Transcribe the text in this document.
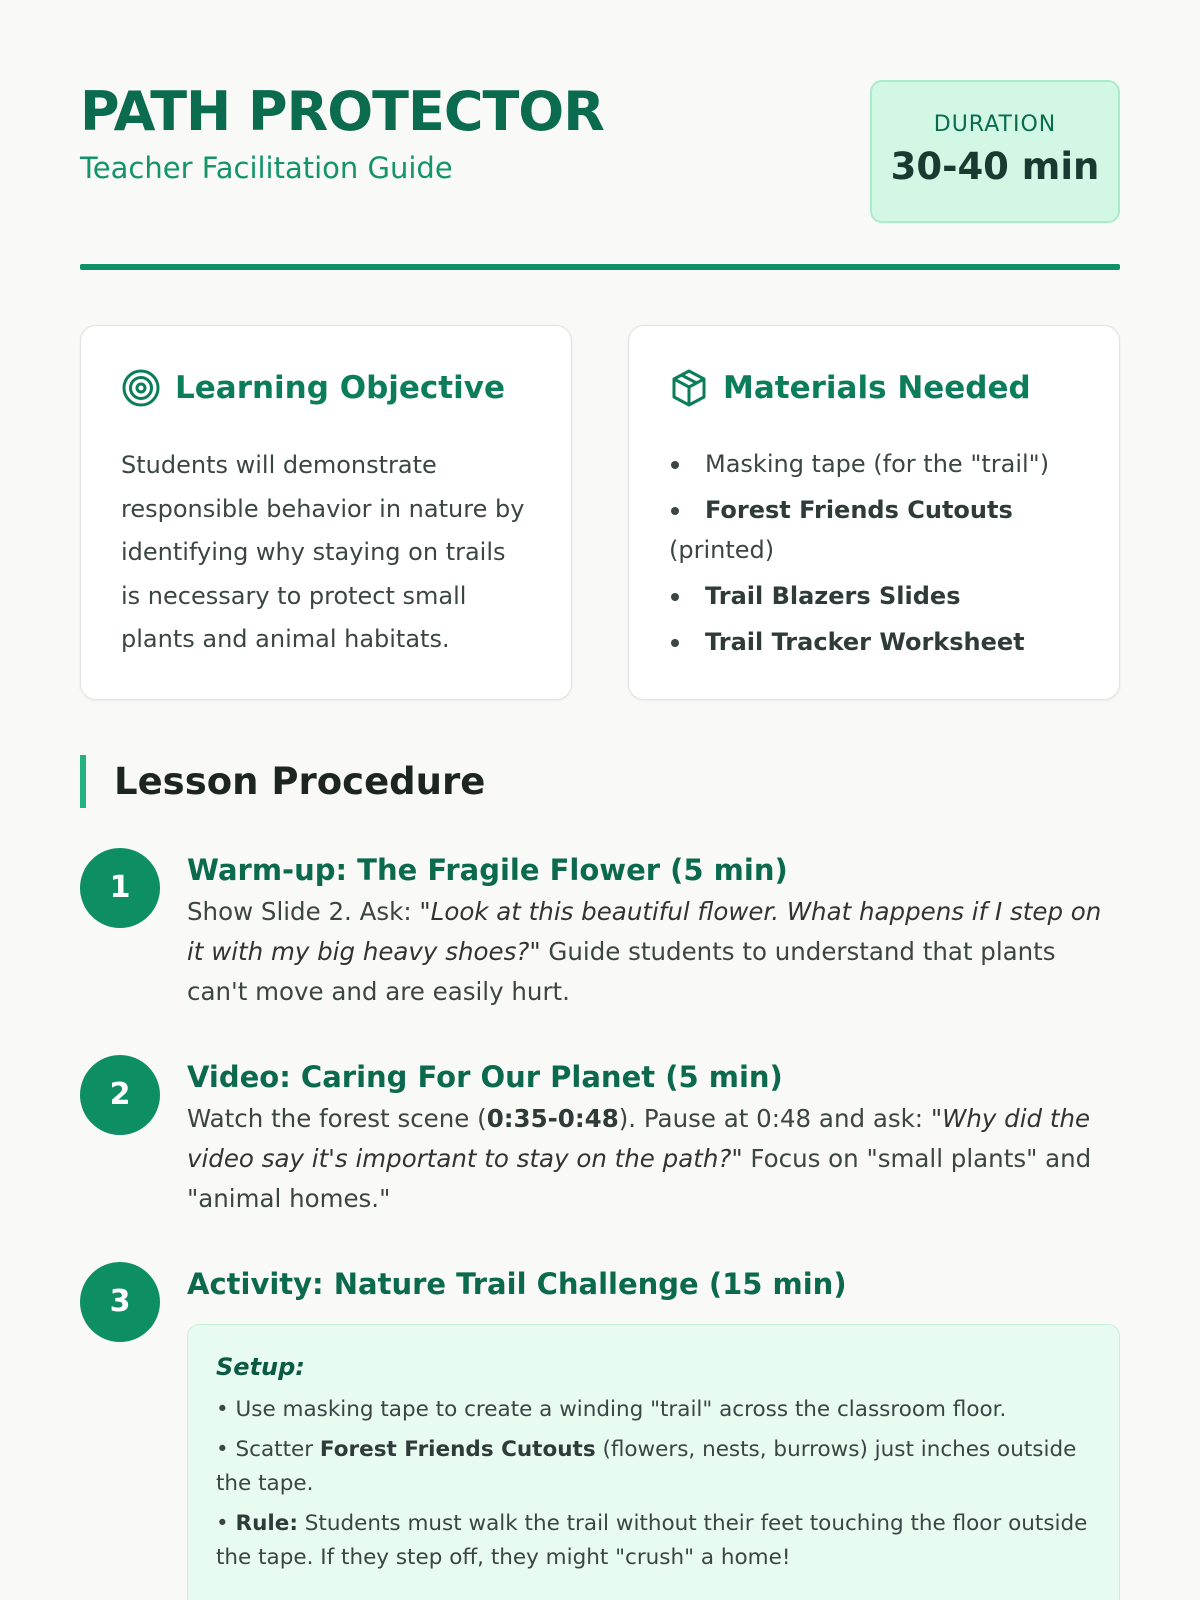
PATH PROTECTOR
Teacher Facilitation Guide
DURATION
30-40 min
Learning Objective
Students will demonstrate responsible behavior in nature by identifying why staying on trails is necessary to protect small plants and animal habitats.
Materials Needed
Masking tape (for the "trail")
Forest Friends Cutouts (printed)
Trail Blazers Slides
Trail Tracker Worksheet
Lesson Procedure
1	Warm-up: The Fragile Flower (5 min)
Show Slide 2. Ask: "Look at this beautiful flower. What happens if I step on it with my big heavy shoes?" Guide students to understand that plants can't move and are easily hurt.
2	Video: Caring For Our Planet (5 min)
Watch the forest scene (0:35-0:48). Pause at 0:48 and ask: "Why did the video say it's important to stay on the path?" Focus on "small plants" and "animal homes."
3	Activity: Nature Trail Challenge (15 min)
Setup:
• Use masking tape to create a winding "trail" across the classroom floor.
• Scatter Forest Friends Cutouts (flowers, nests, burrows) just inches outside the tape.
• Rule: Students must walk the trail without their feet touching the floor outside the tape. If they step off, they might "crush" a home!
